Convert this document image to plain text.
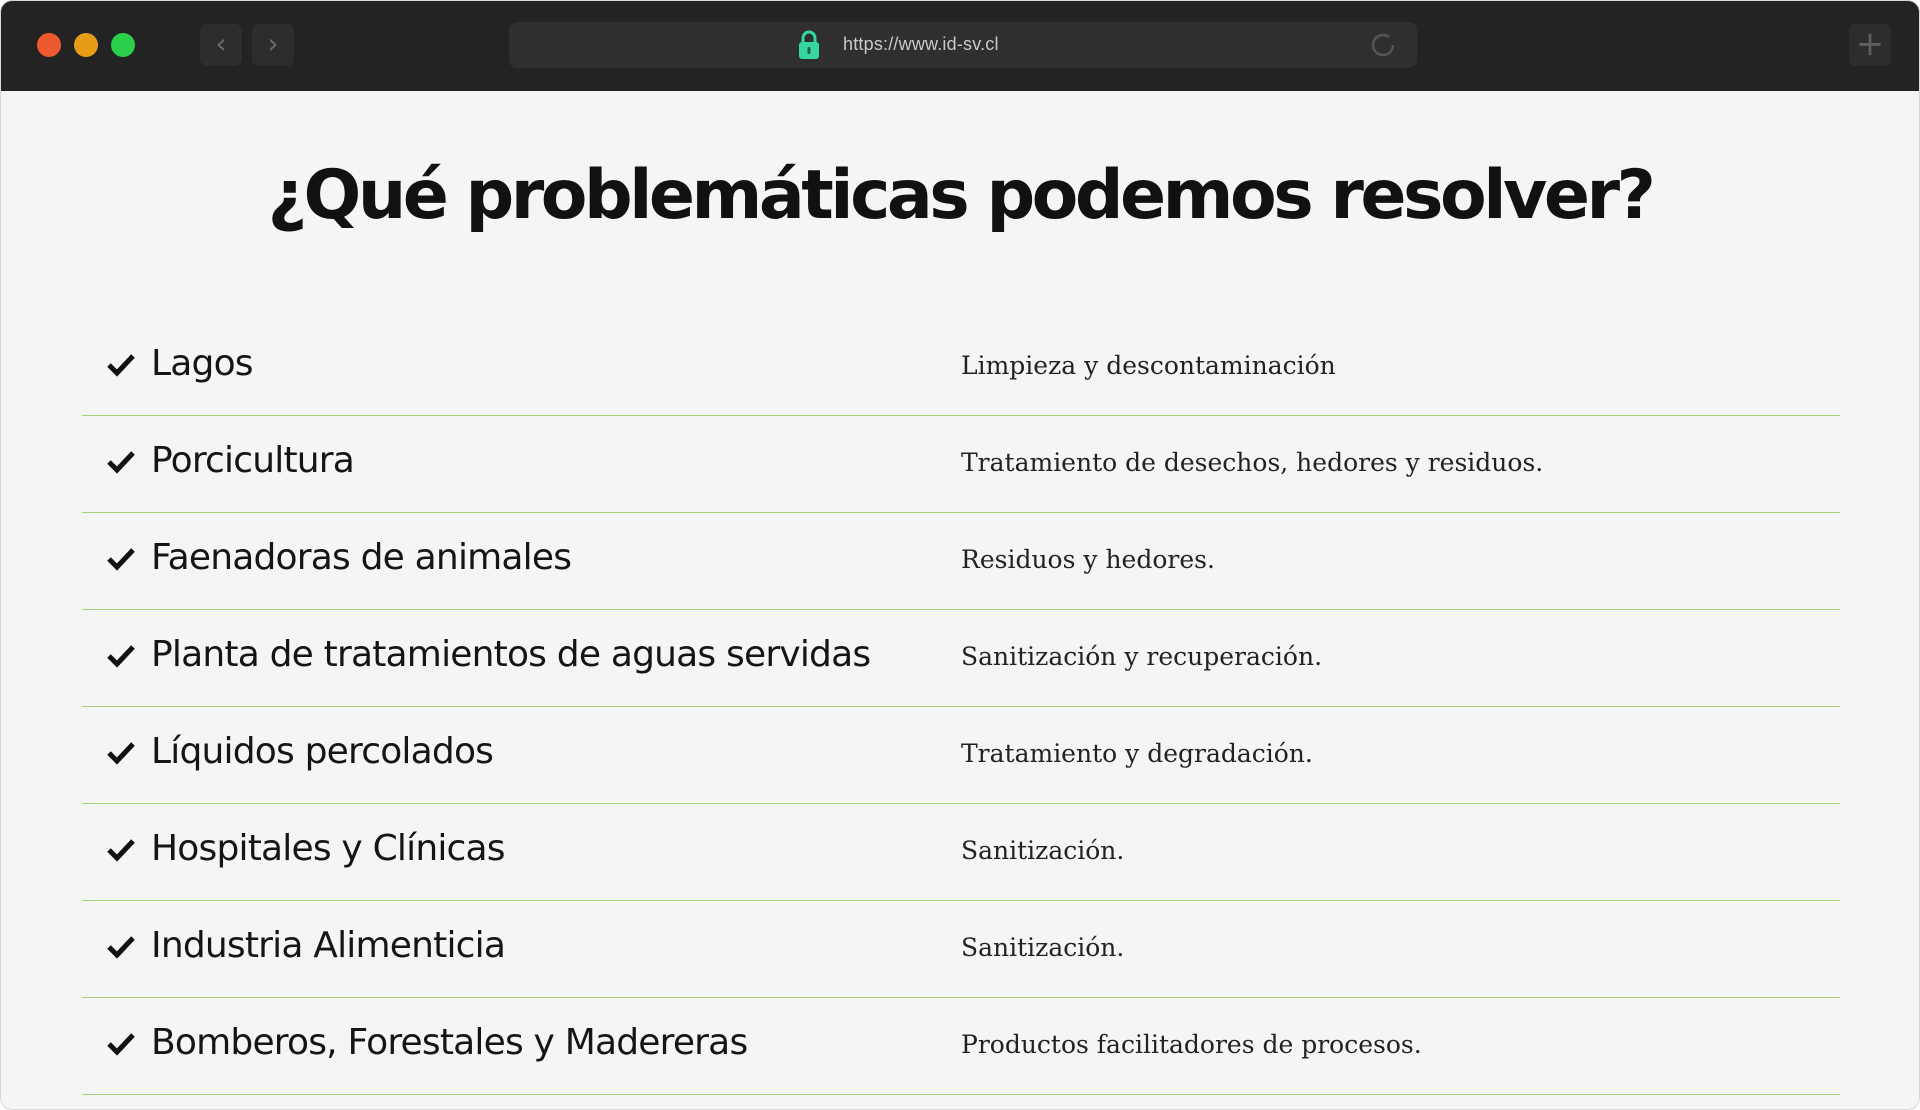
‹	›	https://www.id-sv.cl	+
¿Qué problemáticas podemos resolver?
Lagos	Limpieza y descontaminación
Porcicultura	Tratamiento de desechos, hedores y residuos.
Faenadoras de animales	Residuos y hedores.
Planta de tratamientos de aguas servidas	Sanitización y recuperación.
Líquidos percolados	Tratamiento y degradación.
Hospitales y Clínicas	Sanitización.
Industria Alimenticia	Sanitización.
Bomberos, Forestales y Madereras	Productos facilitadores de procesos.
